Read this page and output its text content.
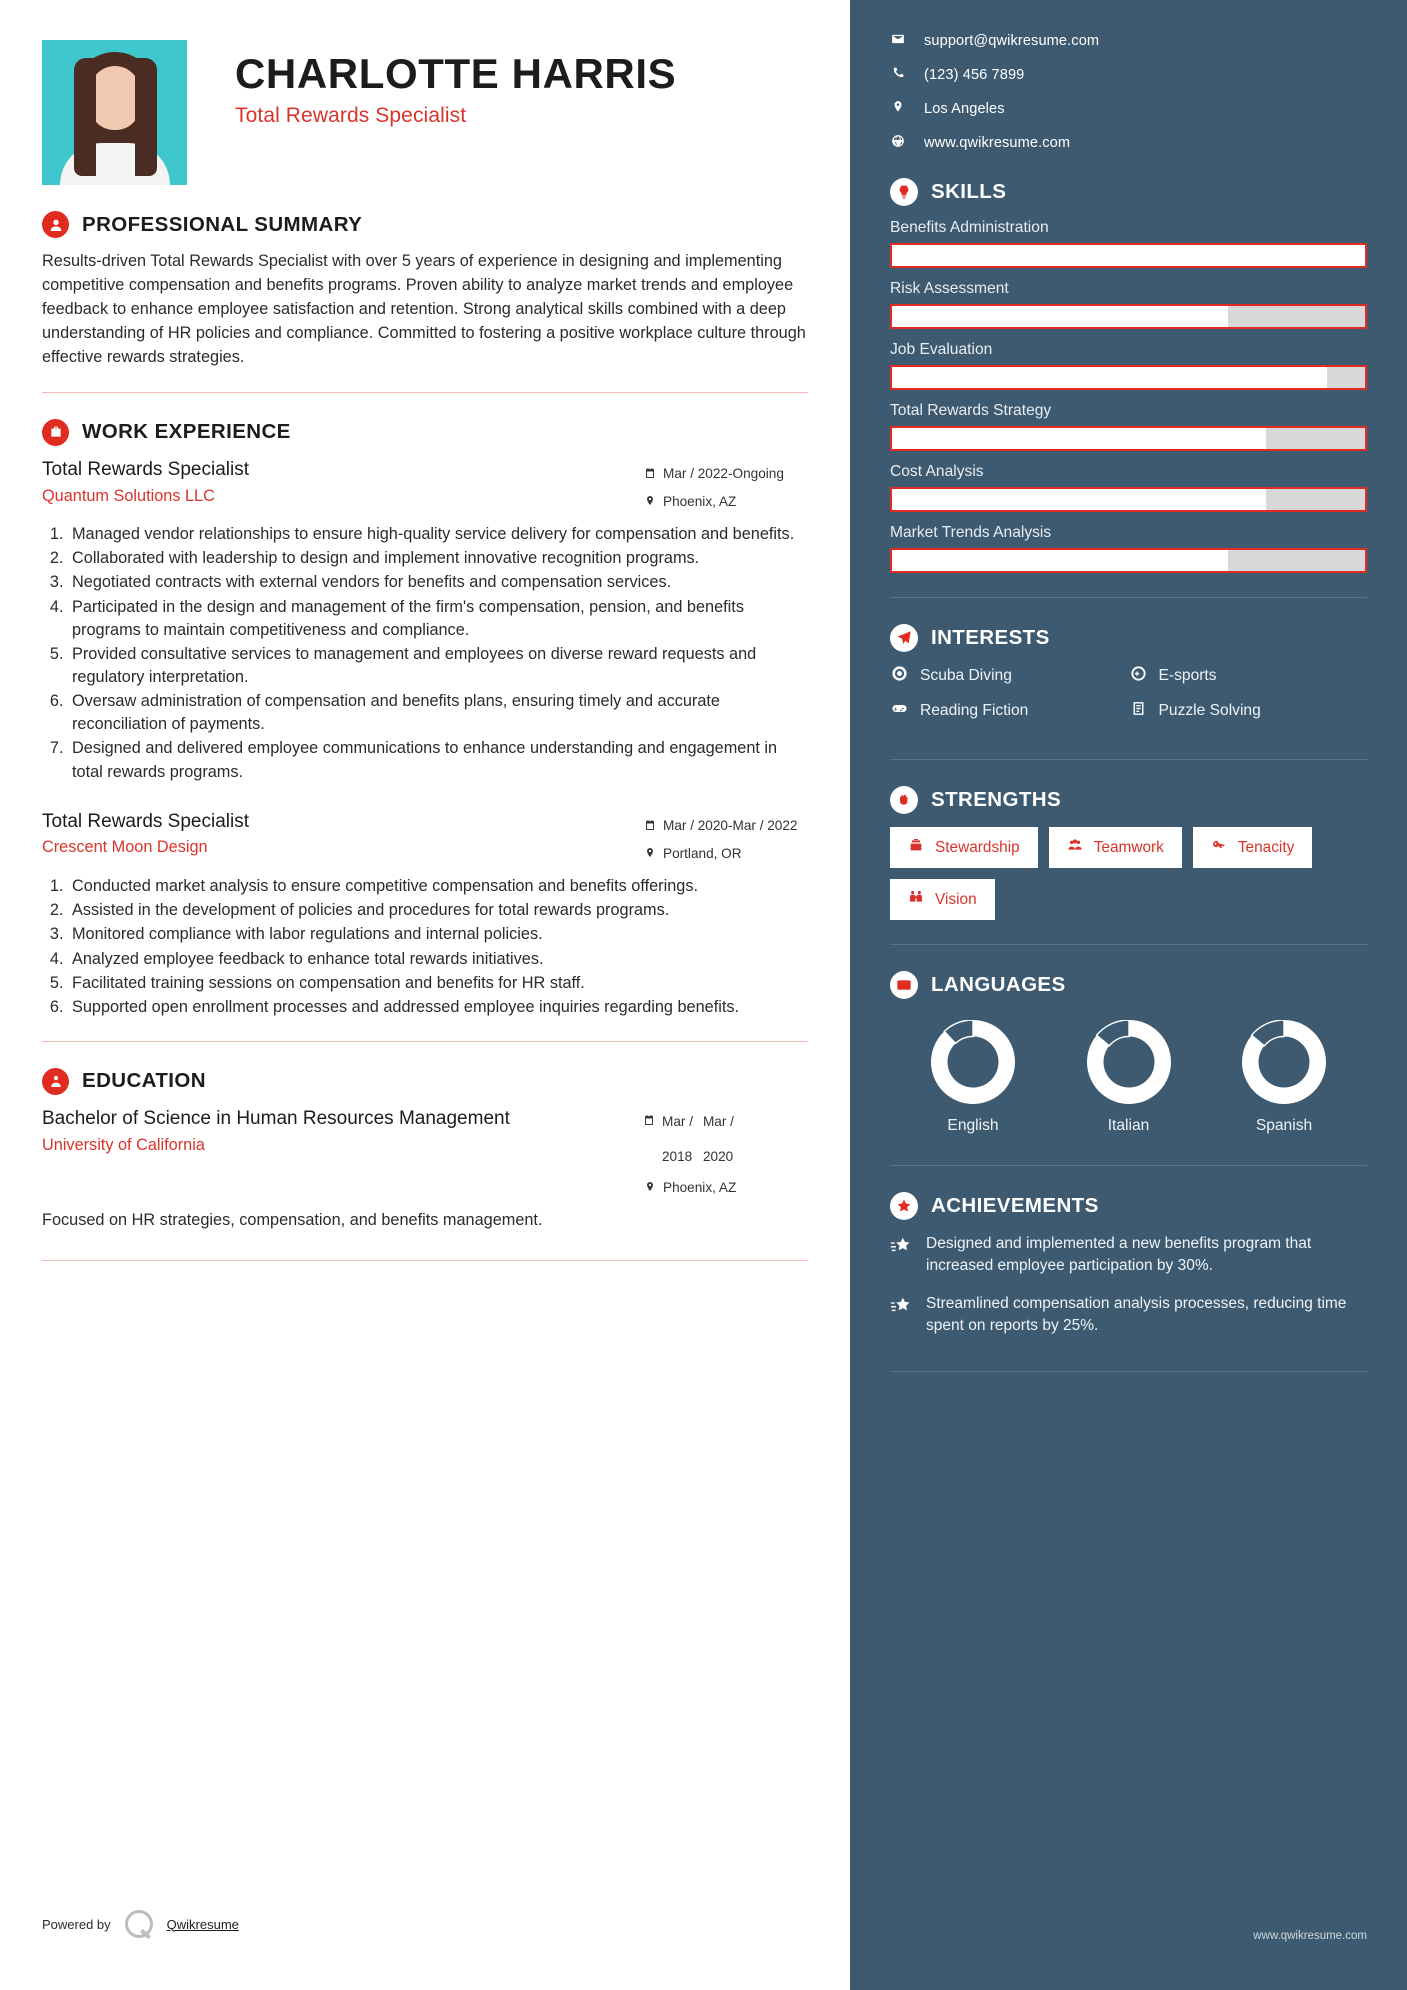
CHARLOTTE HARRIS
Total Rewards Specialist
PROFESSIONAL SUMMARY
Results-driven Total Rewards Specialist with over 5 years of experience in designing and implementing competitive compensation and benefits programs. Proven ability to analyze market trends and employee feedback to enhance employee satisfaction and retention. Strong analytical skills combined with a deep understanding of HR policies and compliance. Committed to fostering a positive workplace culture through effective rewards strategies.
WORK EXPERIENCE
Total Rewards Specialist
Quantum Solutions LLC
Mar / 2022-Ongoing
Phoenix, AZ
1. Managed vendor relationships to ensure high-quality service delivery for compensation and benefits.
2. Collaborated with leadership to design and implement innovative recognition programs.
3. Negotiated contracts with external vendors for benefits and compensation services.
4. Participated in the design and management of the firm's compensation, pension, and benefits programs to maintain competitiveness and compliance.
5. Provided consultative services to management and employees on diverse reward requests and regulatory interpretation.
6. Oversaw administration of compensation and benefits plans, ensuring timely and accurate reconciliation of payments.
7. Designed and delivered employee communications to enhance understanding and engagement in total rewards programs.
Total Rewards Specialist
Crescent Moon Design
Mar / 2020-Mar / 2022
Portland, OR
1. Conducted market analysis to ensure competitive compensation and benefits offerings.
2. Assisted in the development of policies and procedures for total rewards programs.
3. Monitored compliance with labor regulations and internal policies.
4. Analyzed employee feedback to enhance total rewards initiatives.
5. Facilitated training sessions on compensation and benefits for HR staff.
6. Supported open enrollment processes and addressed employee inquiries regarding benefits.
EDUCATION
Bachelor of Science in Human Resources Management
University of California
Mar /

2018
Mar /

2020
Phoenix, AZ
Focused on HR strategies, compensation, and benefits management.
Powered by	Qwikresume
support@qwikresume.com
(123) 456 7899
Los Angeles
www.qwikresume.com
SKILLS
Benefits Administration
Risk Assessment
Job Evaluation
Total Rewards Strategy
Cost Analysis
Market Trends Analysis
INTERESTS
Scuba Diving	E-sports
Reading Fiction	Puzzle Solving
STRENGTHS
Stewardship	Teamwork	Tenacity
Vision
LANGUAGES
English	Italian	Spanish
ACHIEVEMENTS
Designed and implemented a new benefits program that increased employee participation by 30%.
Streamlined compensation analysis processes, reducing time spent on reports by 25%.
www.qwikresume.com
